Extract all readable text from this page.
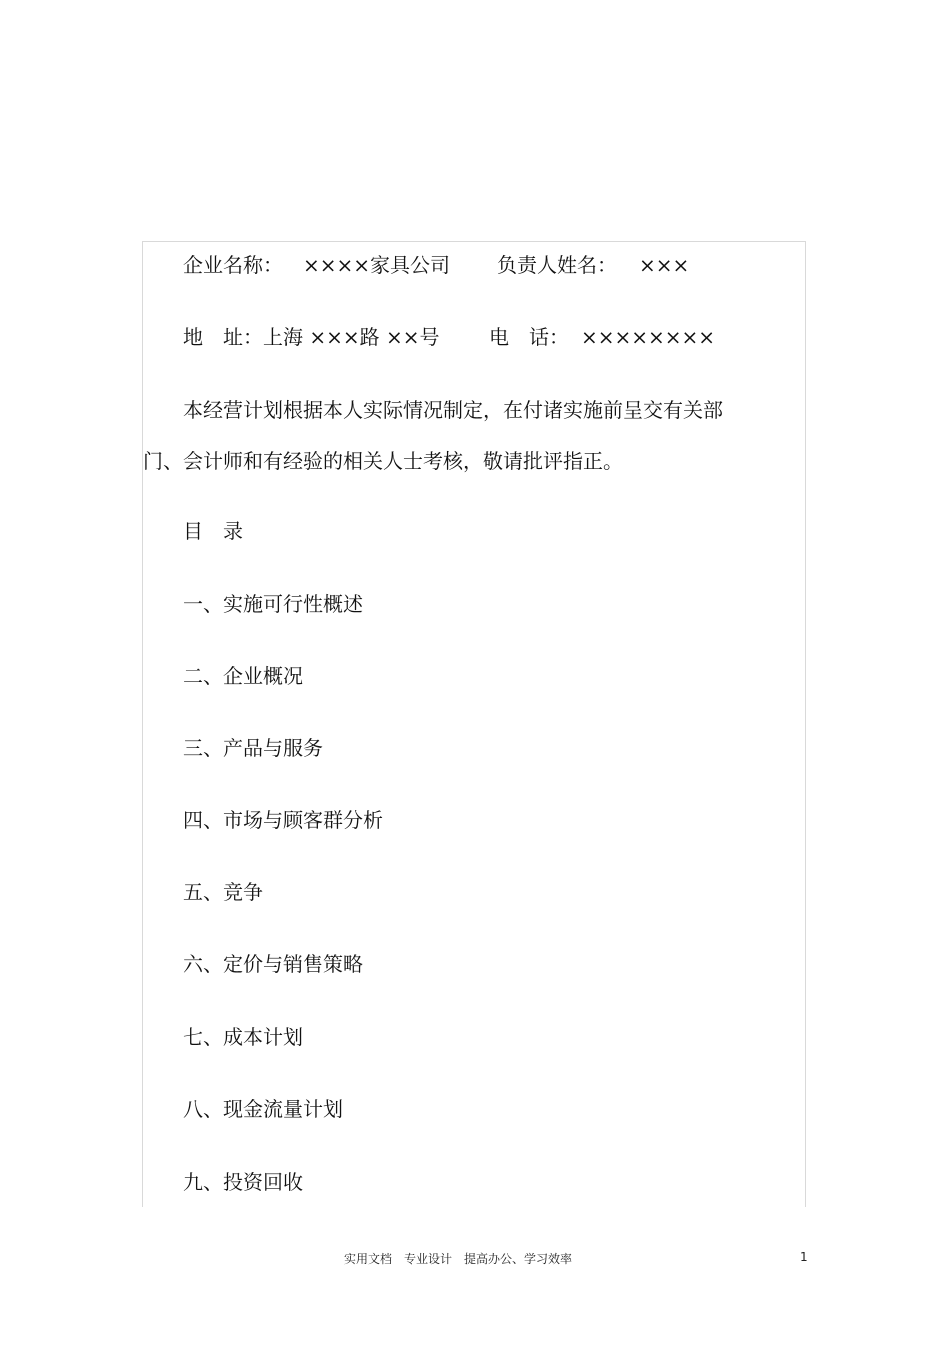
企业名称： ××××家具公司 负责人姓名： ×××
地　址：上海 ×××路 ××号 电　话： ××××××××
本经营计划根据本人实际情况制定，在付诸实施前呈交有关部
门、会计师和有经验的相关人士考核，敬请批评指正。
目　录
一、实施可行性概述
二、企业概况
三、产品与服务
四、市场与顾客群分析
五、竞争
六、定价与销售策略
七、成本计划
八、现金流量计划
九、投资回收
实用文档　专业设计　提高办公、学习效率	1
